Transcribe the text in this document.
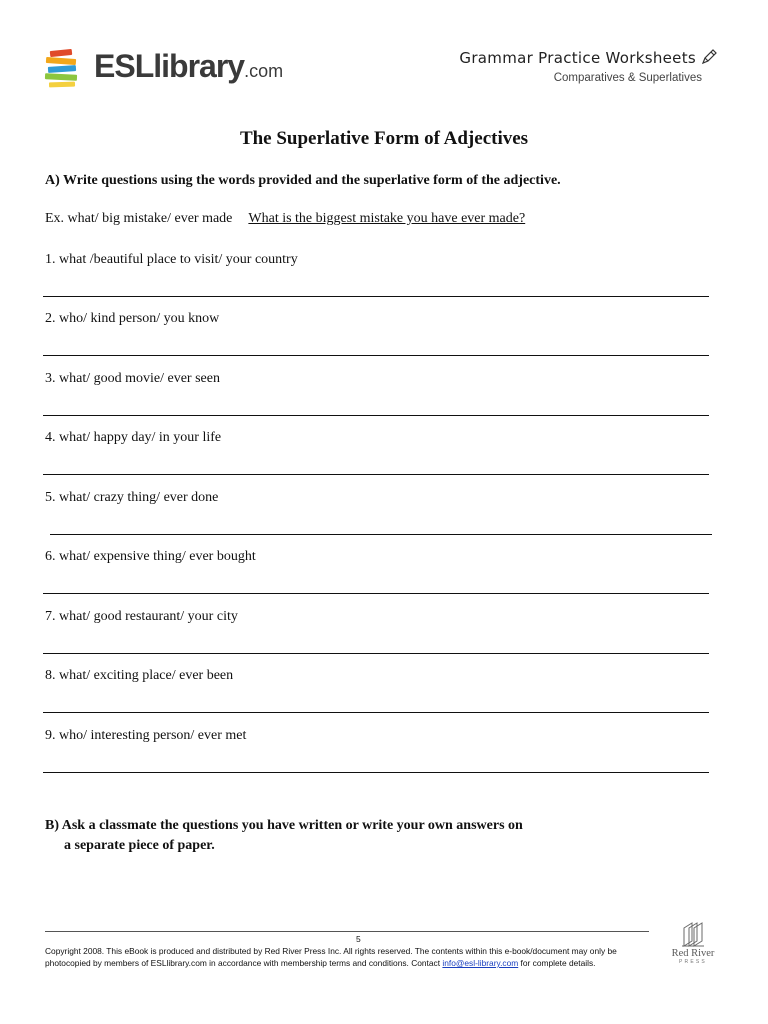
ESLlibrary.com
Grammar Practice Worksheets
Comparatives & Superlatives
The Superlative Form of Adjectives
A) Write questions using the words provided and the superlative form of the adjective.
Ex. what/ big mistake/ ever made What is the biggest mistake you have ever made?
1. what /beautiful place to visit/ your country
2. who/ kind person/ you know
3. what/ good movie/ ever seen
4. what/ happy day/ in your life
5. what/ crazy thing/ ever done
6. what/ expensive thing/ ever bought
7. what/ good restaurant/ your city
8. what/ exciting place/ ever been
9. who/ interesting person/ ever met
B) Ask a classmate the questions you have written or write your own answers on
a separate piece of paper.
5
Copyright 2008. This eBook is produced and distributed by Red River Press Inc. All rights reserved. The contents within this e-book/document may only be
photocopied by members of ESLlibrary.com in accordance with membership terms and conditions. Contact info@esl-library.com for complete details.
Red River
PRESS
